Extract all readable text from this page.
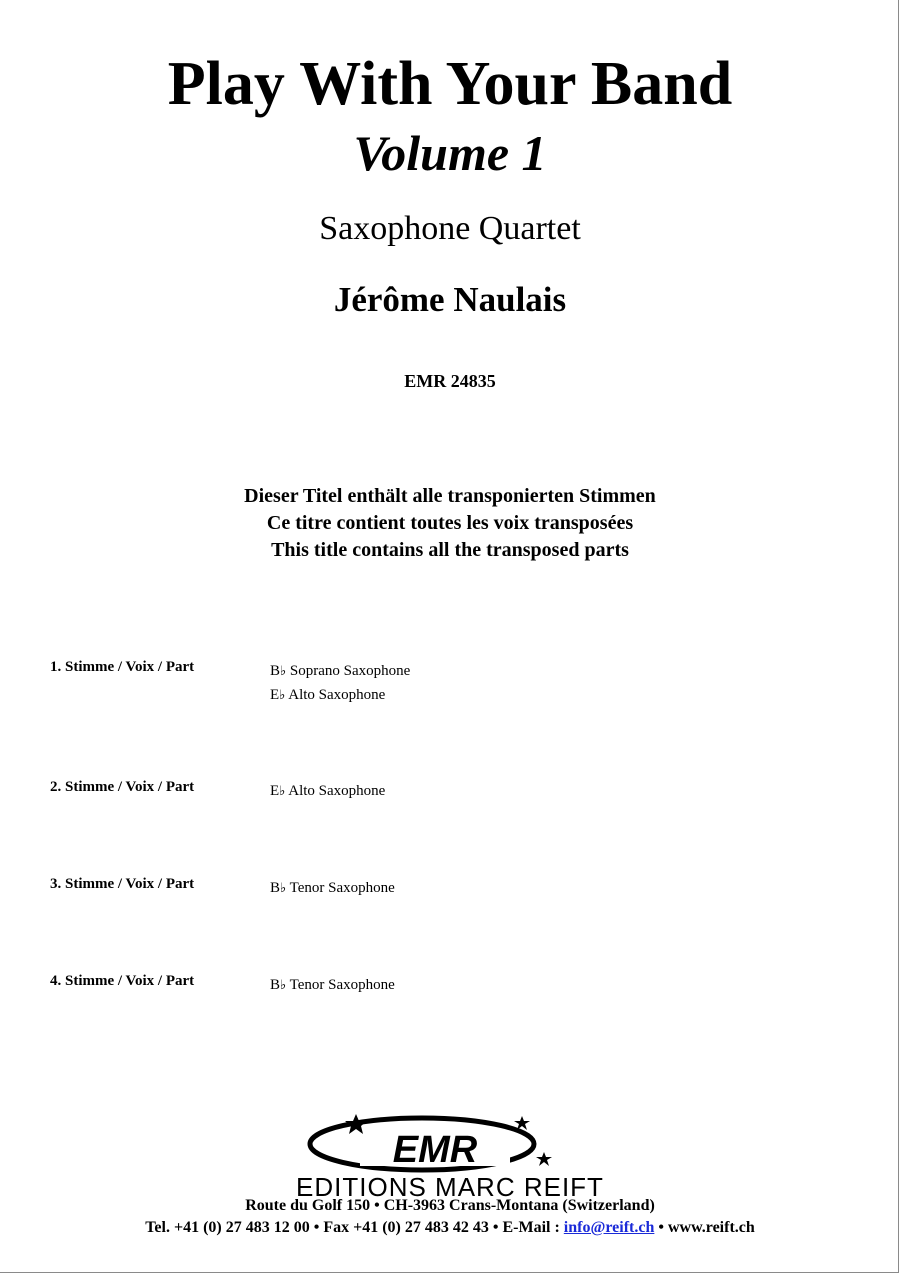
Play With Your Band
Volume 1
Saxophone Quartet
Jérôme Naulais
EMR 24835
Dieser Titel enthält alle transponierten Stimmen
Ce titre contient toutes les voix transposées
This title contains all the transposed parts
1. Stimme / Voix / Part	B♭ Soprano Saxophone
E♭ Alto Saxophone
2. Stimme / Voix / Part	E♭ Alto Saxophone
3. Stimme / Voix / Part	B♭ Tenor Saxophone
4. Stimme / Voix / Part	B♭ Tenor Saxophone
EMR
EDITIONS MARC REIFT
Route du Golf 150 • CH-3963 Crans-Montana (Switzerland)
Tel. +41 (0) 27 483 12 00 • Fax +41 (0) 27 483 42 43 • E-Mail : info@reift.ch • www.reift.ch
